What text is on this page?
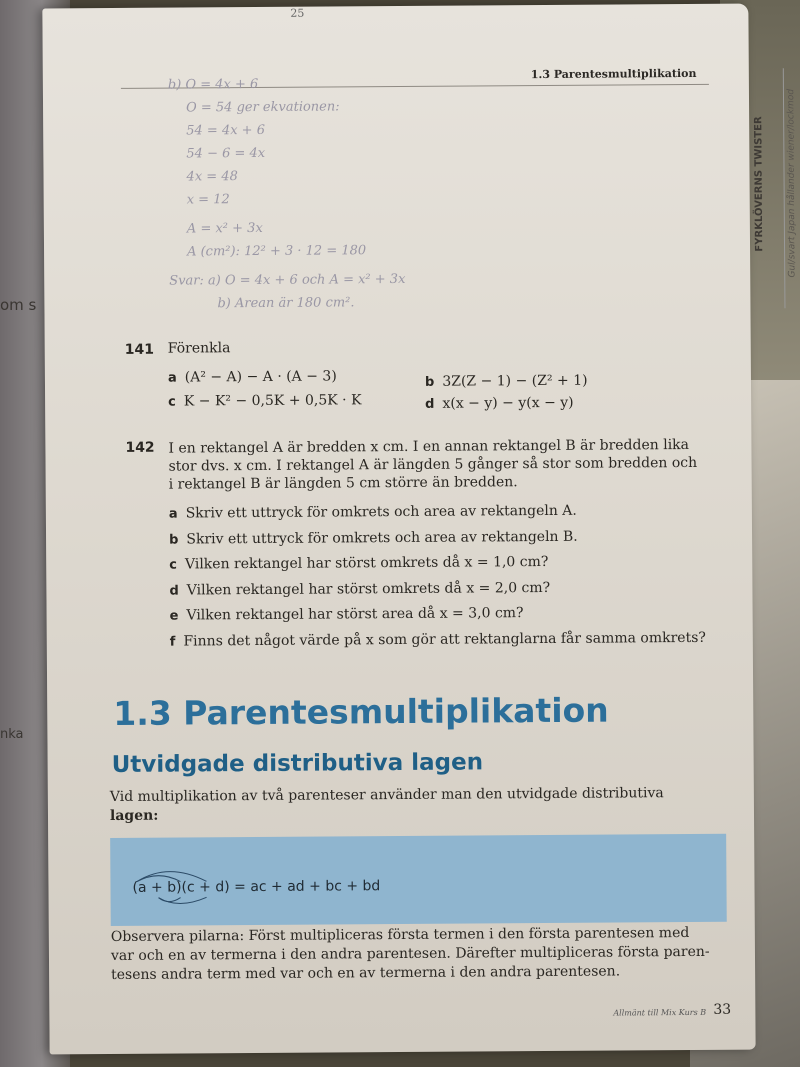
om s
nka
25
1.3 Parentesmultiplikation
b) O = 4x + 6
O = 54 ger ekvationen:
54 = 4x + 6
54 − 6 = 4x
4x = 48
x = 12
A = x² + 3x
A (cm²): 12² + 3 · 12 = 180
Svar: a) O = 4x + 6 och A = x² + 3x
b) Arean är 180 cm².
FYRKLÖVERNS TWISTER Gul/svart Japan hållander wiener/lockmod
141 Förenkla
a (A² − A) − A · (A − 3)	b 3Z(Z − 1) − (Z² + 1)
c K − K² − 0,5K + 0,5K · K	d x(x − y) − y(x − y)
142 I en rektangel A är bredden x cm. I en annan rektangel B är bredden lika
stor dvs. x cm. I rektangel A är längden 5 gånger så stor som bredden och
i rektangel B är längden 5 cm större än bredden.
a Skriv ett uttryck för omkrets och area av rektangeln A.
b Skriv ett uttryck för omkrets och area av rektangeln B.
c Vilken rektangel har störst omkrets då x = 1,0 cm?
d Vilken rektangel har störst omkrets då x = 2,0 cm?
e Vilken rektangel har störst area då x = 3,0 cm?
f Finns det något värde på x som gör att rektanglarna får samma omkrets?
1.3 Parentesmultiplikation
Utvidgade distributiva lagen
Vid multiplikation av två parenteser använder man den utvidgade distributiva
lagen:
(a + b)(c + d) = ac + ad + bc + bd
Observera pilarna: Först multipliceras första termen i den första parentesen med
var och en av termerna i den andra parentesen. Därefter multipliceras första paren-
tesens andra term med var och en av termerna i den andra parentesen.
Allmänt till Mix Kurs B 33
